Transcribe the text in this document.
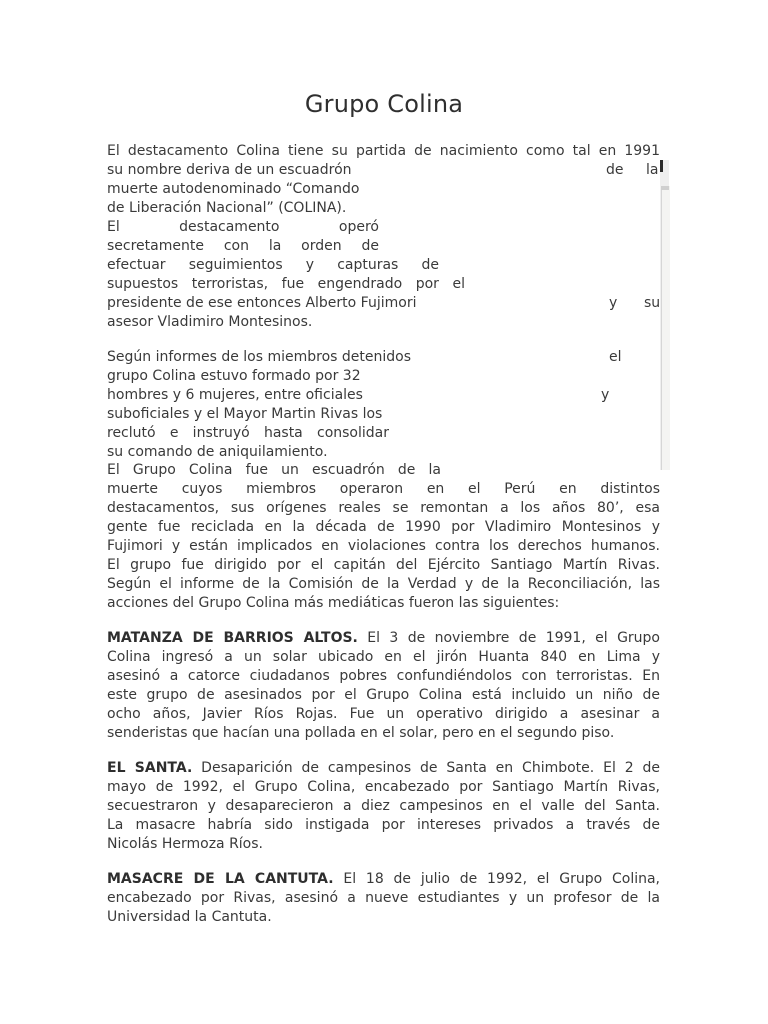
Grupo Colina
El destacamento Colina tiene su partida de nacimiento como tal en 1991
su nombre deriva de un escuadrón	de la
muerte autodenominado “Comando
de Liberación Nacional” (COLINA).
El destacamento operó
secretamente con la orden de
efectuar seguimientos y capturas de
supuestos terroristas, fue engendrado por el
presidente de ese entonces Alberto Fujimori	y su
asesor Vladimiro Montesinos.
Según informes de los miembros detenidos	el
grupo Colina estuvo formado por 32
hombres y 6 mujeres, entre oficiales	y
suboficiales y el Mayor Martin Rivas los
reclutó e instruyó hasta consolidar
su comando de aniquilamiento.
El Grupo Colina fue un escuadrón de la
muerte cuyos miembros operaron en el Perú en distintos
destacamentos, sus orígenes reales se remontan a los años 80’, esa
gente fue reciclada en la década de 1990 por Vladimiro Montesinos y
Fujimori y están implicados en violaciones contra los derechos humanos.
El grupo fue dirigido por el capitán del Ejército Santiago Martín Rivas.
Según el informe de la Comisión de la Verdad y de la Reconciliación, las
acciones del Grupo Colina más mediáticas fueron las siguientes:
MATANZA DE BARRIOS ALTOS. El 3 de noviembre de 1991, el Grupo
Colina ingresó a un solar ubicado en el jirón Huanta 840 en Lima y
asesinó a catorce ciudadanos pobres confundiéndolos con terroristas. En
este grupo de asesinados por el Grupo Colina está incluido un niño de
ocho años, Javier Ríos Rojas. Fue un operativo dirigido a asesinar a
senderistas que hacían una pollada en el solar, pero en el segundo piso.
EL SANTA. Desaparición de campesinos de Santa en Chimbote. El 2 de
mayo de 1992, el Grupo Colina, encabezado por Santiago Martín Rivas,
secuestraron y desaparecieron a diez campesinos en el valle del Santa.
La masacre habría sido instigada por intereses privados a través de
Nicolás Hermoza Ríos.
MASACRE DE LA CANTUTA. El 18 de julio de 1992, el Grupo Colina,
encabezado por Rivas, asesinó a nueve estudiantes y un profesor de la
Universidad la Cantuta.
